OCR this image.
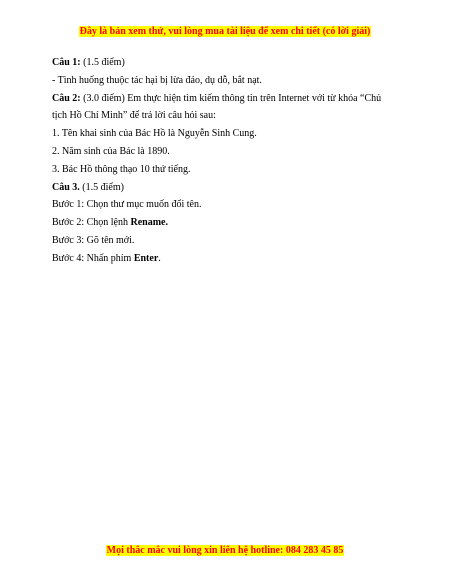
Đây là bản xem thử, vui lòng mua tài liệu để xem chi tiết (có lời giải)

Câu 1: (1.5 điểm)

- Tình huống thuộc tác hại bị lừa đảo, dụ dỗ, bắt nạt.

Câu 2: (3.0 điểm) Em thực hiện tìm kiếm thông tin trên Internet với từ khóa “Chủ tịch Hồ Chí Minh” để trả lời câu hỏi sau:

1. Tên khai sinh của Bác Hồ là Nguyễn Sinh Cung.

2. Năm sinh của Bác là 1890.

3. Bác Hồ thông thạo 10 thứ tiếng.

Câu 3. (1.5 điểm)

Bước 1: Chọn thư mục muốn đổi tên.

Bước 2: Chọn lệnh Rename.

Bước 3: Gõ tên mới.

Bước 4: Nhấn phím Enter.

Mọi thắc mắc vui lòng xin liên hệ hotline: 084 283 45 85
